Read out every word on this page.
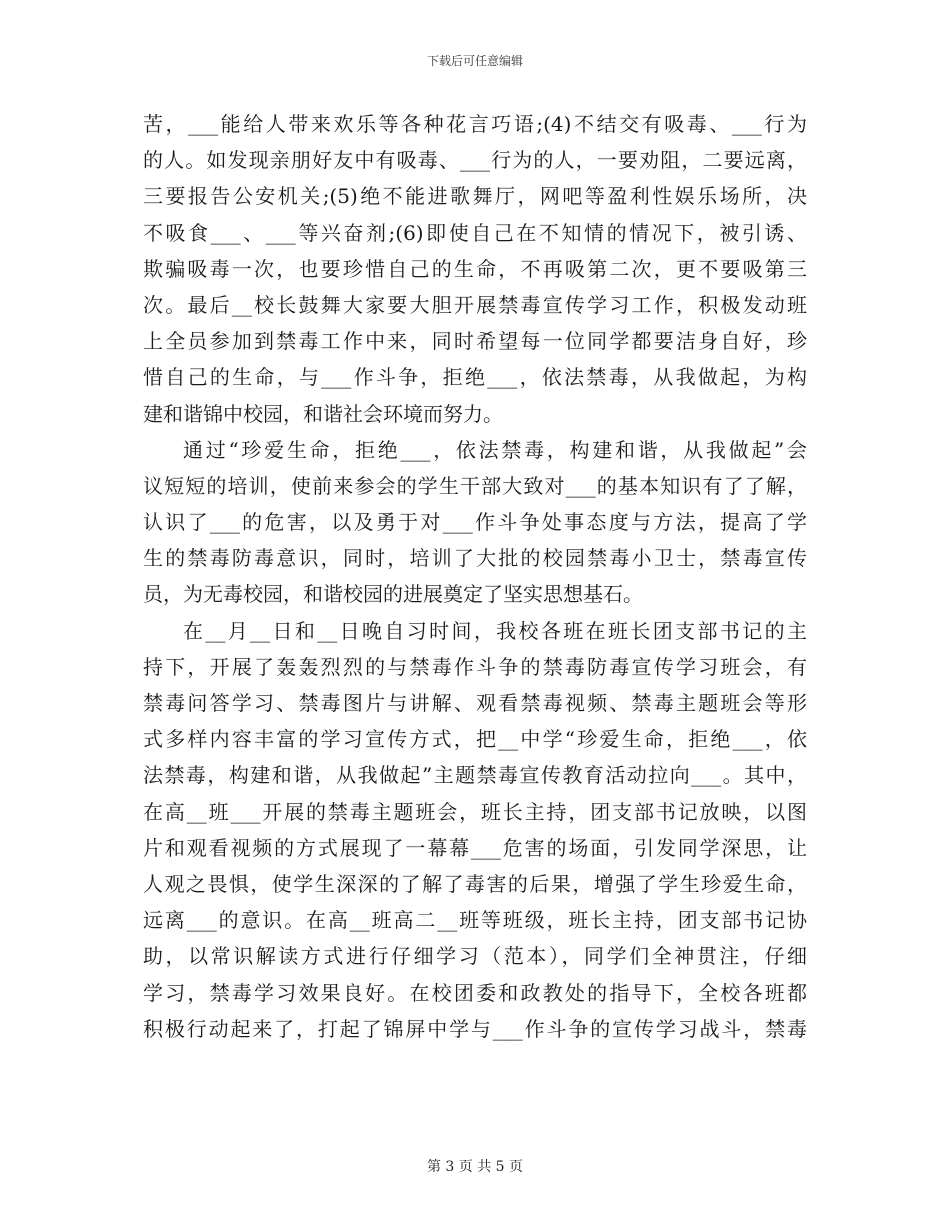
下载后可任意编辑
苦，___能给人带来欢乐等各种花言巧语;(4)不结交有吸毒、___行为
的人。如发现亲朋好友中有吸毒、___行为的人，一要劝阻，二要远离，
三要报告公安机关;(5)绝不能进歌舞厅，网吧等盈利性娱乐场所，决
不吸食___、___等兴奋剂;(6)即使自己在不知情的情况下，被引诱、
欺骗吸毒一次，也要珍惜自己的生命，不再吸第二次，更不要吸第三
次。最后__校长鼓舞大家要大胆开展禁毒宣传学习工作，积极发动班
上全员参加到禁毒工作中来，同时希望每一位同学都要洁身自好，珍
惜自己的生命，与___作斗争，拒绝___，依法禁毒，从我做起，为构
建和谐锦中校园，和谐社会环境而努力。
通过“珍爱生命，拒绝___，依法禁毒，构建和谐，从我做起”会
议短短的培训，使前来参会的学生干部大致对___的基本知识有了了解，
认识了___的危害，以及勇于对___作斗争处事态度与方法，提高了学
生的禁毒防毒意识，同时，培训了大批的校园禁毒小卫士，禁毒宣传
员，为无毒校园，和谐校园的进展奠定了坚实思想基石。
在__月__日和__日晚自习时间，我校各班在班长团支部书记的主
持下，开展了轰轰烈烈的与禁毒作斗争的禁毒防毒宣传学习班会，有
禁毒问答学习、禁毒图片与讲解、观看禁毒视频、禁毒主题班会等形
式多样内容丰富的学习宣传方式，把__中学“珍爱生命，拒绝___，依
法禁毒，构建和谐，从我做起”主题禁毒宣传教育活动拉向___。其中，
在高__班___开展的禁毒主题班会，班长主持，团支部书记放映，以图
片和观看视频的方式展现了一幕幕___危害的场面，引发同学深思，让
人观之畏惧，使学生深深的了解了毒害的后果，增强了学生珍爱生命，
远离___的意识。在高__班高二__班等班级，班长主持，团支部书记协
助，以常识解读方式进行仔细学习（范本），同学们全神贯注，仔细
学习，禁毒学习效果良好。在校团委和政教处的指导下，全校各班都
积极行动起来了，打起了锦屏中学与___作斗争的宣传学习战斗，禁毒
第 3 页 共 5 页
